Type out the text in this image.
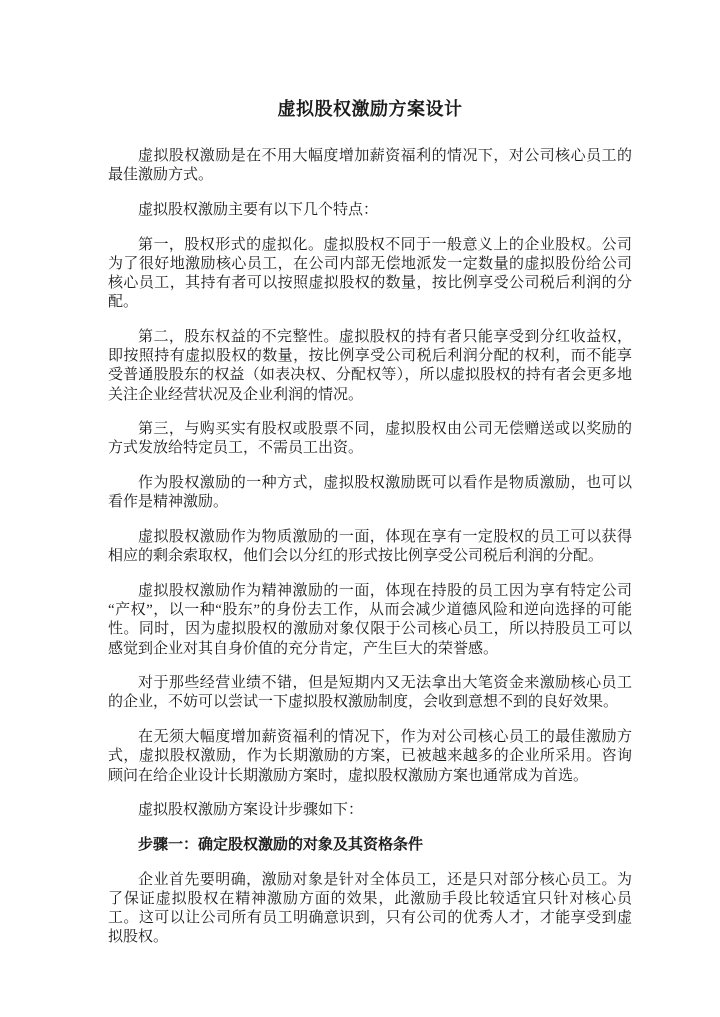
虚拟股权激励方案设计

虚拟股权激励是在不用大幅度增加薪资福利的情况下，对公司核心员工的最佳激励方式。

虚拟股权激励主要有以下几个特点：

第一，股权形式的虚拟化。虚拟股权不同于一般意义上的企业股权。公司为了很好地激励核心员工，在公司内部无偿地派发一定数量的虚拟股份给公司核心员工，其持有者可以按照虚拟股权的数量，按比例享受公司税后利润的分配。

第二，股东权益的不完整性。虚拟股权的持有者只能享受到分红收益权，即按照持有虚拟股权的数量，按比例享受公司税后利润分配的权利，而不能享受普通股股东的权益（如表决权、分配权等），所以虚拟股权的持有者会更多地关注企业经营状况及企业利润的情况。

第三，与购买实有股权或股票不同，虚拟股权由公司无偿赠送或以奖励的方式发放给特定员工，不需员工出资。

作为股权激励的一种方式，虚拟股权激励既可以看作是物质激励，也可以看作是精神激励。

虚拟股权激励作为物质激励的一面，体现在享有一定股权的员工可以获得相应的剩余索取权，他们会以分红的形式按比例享受公司税后利润的分配。

虚拟股权激励作为精神激励的一面，体现在持股的员工因为享有特定公司“产权”，以一种“股东”的身份去工作，从而会减少道德风险和逆向选择的可能性。同时，因为虚拟股权的激励对象仅限于公司核心员工，所以持股员工可以感觉到企业对其自身价值的充分肯定，产生巨大的荣誉感。

对于那些经营业绩不错，但是短期内又无法拿出大笔资金来激励核心员工的企业，不妨可以尝试一下虚拟股权激励制度，会收到意想不到的良好效果。

在无须大幅度增加薪资福利的情况下，作为对公司核心员工的最佳激励方式，虚拟股权激励，作为长期激励的方案，已被越来越多的企业所采用。咨询顾问在给企业设计长期激励方案时，虚拟股权激励方案也通常成为首选。

虚拟股权激励方案设计步骤如下：

步骤一：确定股权激励的对象及其资格条件

企业首先要明确，激励对象是针对全体员工，还是只对部分核心员工。为了保证虚拟股权在精神激励方面的效果，此激励手段比较适宜只针对核心员工。这可以让公司所有员工明确意识到，只有公司的优秀人才，才能享受到虚拟股权。
